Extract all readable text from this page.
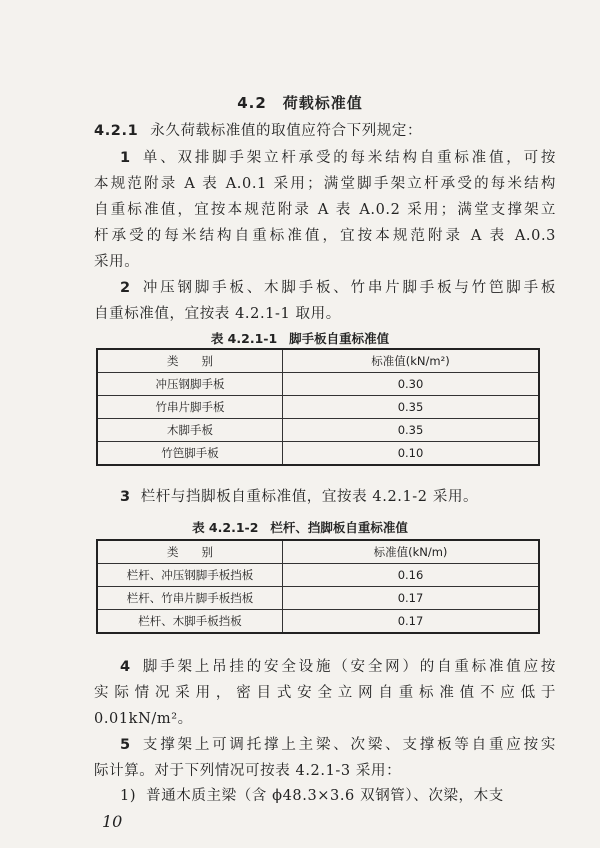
4.2 荷载标准值
4.2.1 永久荷载标准值的取值应符合下列规定：
1 单、双排脚手架立杆承受的每米结构自重标准值，可按
本规范附录 A 表 A.0.1 采用；满堂脚手架立杆承受的每米结构
自重标准值，宜按本规范附录 A 表 A.0.2 采用；满堂支撑架立
杆承受的每米结构自重标准值，宜按本规范附录 A 表 A.0.3
采用。
2 冲压钢脚手板、木脚手板、竹串片脚手板与竹笆脚手板
自重标准值，宜按表 4.2.1-1 取用。
表 4.2.1-1 脚手板自重标准值
类　　别	标准值(kN/m²)
冲压钢脚手板	0.30
竹串片脚手板	0.35
木脚手板	0.35
竹笆脚手板	0.10
3 栏杆与挡脚板自重标准值，宜按表 4.2.1-2 采用。
表 4.2.1-2 栏杆、挡脚板自重标准值
类　　别	标准值(kN/m)
栏杆、冲压钢脚手板挡板	0.16
栏杆、竹串片脚手板挡板	0.17
栏杆、木脚手板挡板	0.17
4 脚手架上吊挂的安全设施（安全网）的自重标准值应按
实际情况采用，密目式安全立网自重标准值不应低于
0.01kN/m²。
5 支撑架上可调托撑上主梁、次梁、支撑板等自重应按实
际计算。对于下列情况可按表 4.2.1-3 采用：
1) 普通木质主梁（含 ϕ48.3×3.6 双钢管）、次梁，木支
10
